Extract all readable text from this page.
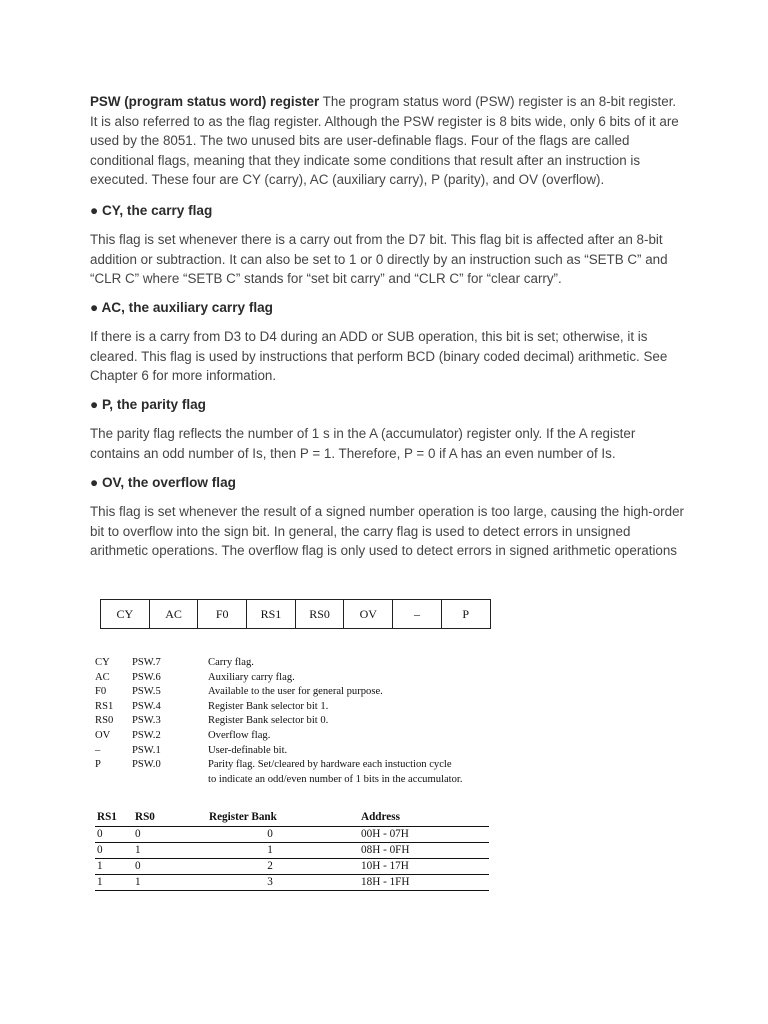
PSW (program status word) register The program status word (PSW) register is an 8-bit register. It is also referred to as the flag register. Although the PSW register is 8 bits wide, only 6 bits of it are used by the 8051. The two unused bits are user-definable flags. Four of the flags are called conditional flags, meaning that they indicate some conditions that result after an instruction is executed. These four are CY (carry), AC (auxiliary carry), P (parity), and OV (overflow).

● CY, the carry flag
This flag is set whenever there is a carry out from the D7 bit. This flag bit is affected after an 8-bit addition or subtraction. It can also be set to 1 or 0 directly by an instruction such as “SETB C” and “CLR C” where “SETB C” stands for “set bit carry” and “CLR C” for “clear carry”.
● AC, the auxiliary carry flag
If there is a carry from D3 to D4 during an ADD or SUB operation, this bit is set; otherwise, it is cleared. This flag is used by instructions that perform BCD (binary coded decimal) arithmetic. See Chapter 6 for more information.
● P, the parity flag
The parity flag reflects the number of 1 s in the A (accumulator) register only. If the A register contains an odd number of Is, then P = 1. Therefore, P = 0 if A has an even number of Is.
● OV, the overflow flag
This flag is set whenever the result of a signed number operation is too large, causing the high-order bit to overflow into the sign bit. In general, the carry flag is used to detect errors in unsigned arithmetic operations. The overflow flag is only used to detect errors in signed arithmetic operations
CY	AC	F0	RS1	RS0	OV	–	P
CY	PSW.7	Carry flag.
AC	PSW.6	Auxiliary carry flag.
F0	PSW.5	Available to the user for general purpose.
RS1	PSW.4	Register Bank selector bit 1.
RS0	PSW.3	Register Bank selector bit 0.
OV	PSW.2	Overflow flag.
–	PSW.1	User-definable bit.
P	PSW.0	Parity flag. Set/cleared by hardware each instuction cycle
to indicate an odd/even number of 1 bits in the accumulator.
RS1	RS0	Register Bank	Address
0	0	0	00H - 07H
0	1	1	08H - 0FH
1	0	2	10H - 17H
1	1	3	18H - 1FH
